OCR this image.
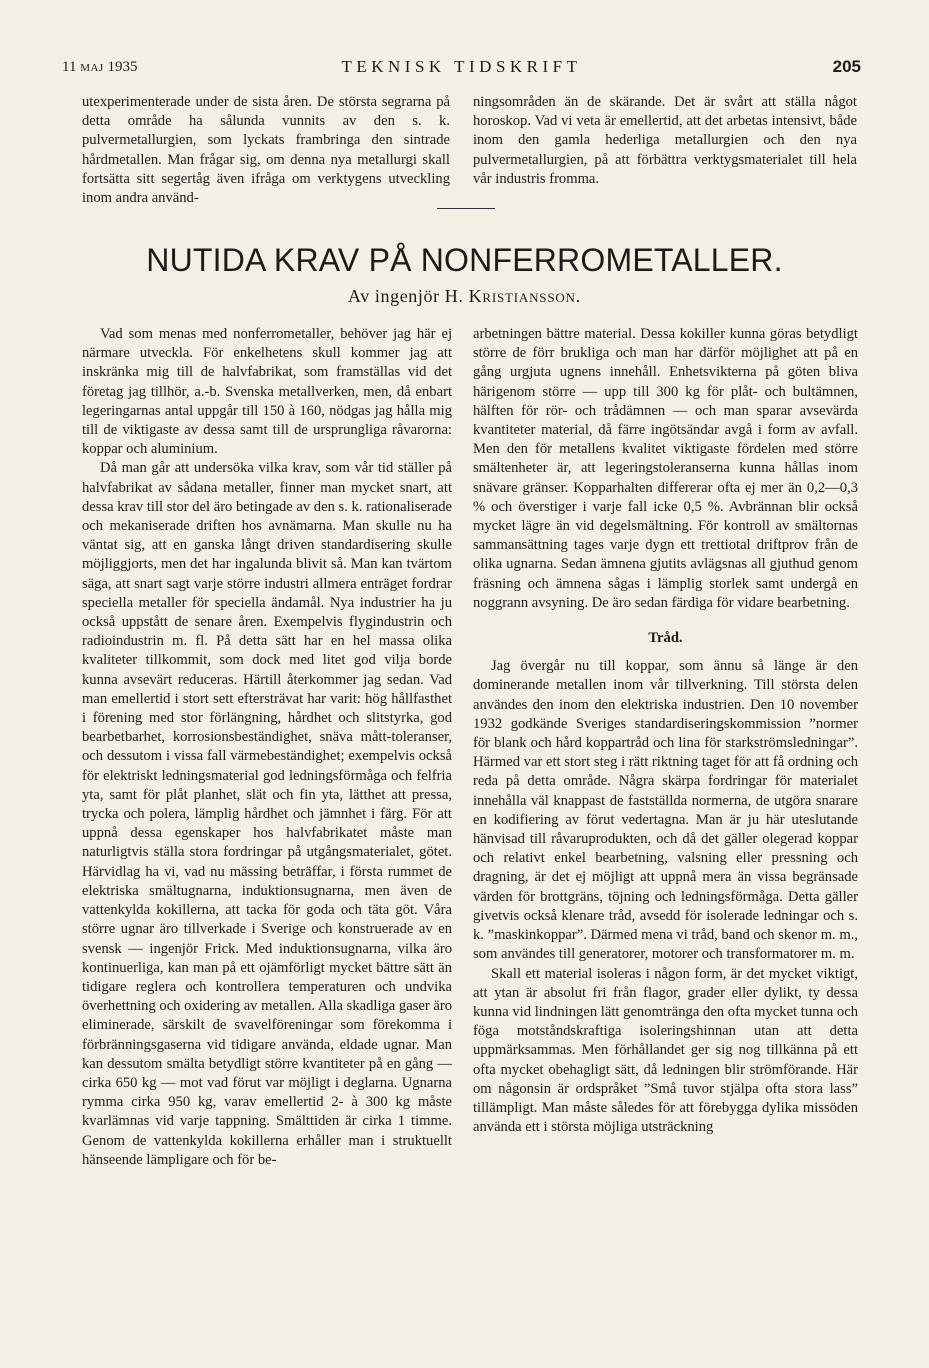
11 MAJ 1935	TEKNISK TIDSKRIFT	205

utexperimenterade under de sista åren. De största segrarna på detta område ha sålunda vunnits av den s. k. pulvermetallurgien, som lyckats frambringa den sintrade hårdmetallen. Man frågar sig, om denna nya metallurgi skall fortsätta sitt segertåg även ifråga om verktygens utveckling inom andra använd-

ningsområden än de skärande. Det är svårt att ställa något horoskop. Vad vi veta är emellertid, att det arbetas intensivt, både inom den gamla hederliga metallurgien och den nya pulvermetallurgien, på att förbättra verktygsmaterialet till hela vår industris fromma.

NUTIDA KRAV PÅ NONFERROMETALLER.
Av ingenjör H. Kristiansson.

Vad som menas med nonferrometaller, behöver jag här ej närmare utveckla. För enkelhetens skull kommer jag att inskränka mig till de halvfabrikat, som framställas vid det företag jag tillhör, a.-b. Svenska metallverken, men, då enbart legeringarnas antal uppgår till 150 à 160, nödgas jag hålla mig till de viktigaste av dessa samt till de ursprungliga råvarorna: koppar och aluminium.

Då man går att undersöka vilka krav, som vår tid ställer på halvfabrikat av sådana metaller, finner man mycket snart, att dessa krav till stor del äro betingade av den s. k. rationaliserade och mekaniserade driften hos avnämarna. Man skulle nu ha väntat sig, att en ganska långt driven standardisering skulle möjliggjorts, men det har ingalunda blivit så. Man kan tvärtom säga, att snart sagt varje större industri allmera enträget fordrar speciella metaller för speciella ändamål. Nya industrier ha ju också uppstått de senare åren. Exempelvis flygindustrin och radioindustrin m. fl. På detta sätt har en hel massa olika kvaliteter tillkommit, som dock med litet god vilja borde kunna avsevärt reduceras. Härtill återkommer jag sedan. Vad man emellertid i stort sett eftersträvat har varit: hög hållfasthet i förening med stor förlängning, hårdhet och slitstyrka, god bearbetbarhet, korrosionsbeständighet, snäva mått-toleranser, och dessutom i vissa fall värmebeständighet; exempelvis också för elektriskt ledningsmaterial god ledningsförmåga och felfria yta, samt för plåt planhet, slät och fin yta, lätthet att pressa, trycka och polera, lämplig hårdhet och jämnhet i färg. För att uppnå dessa egenskaper hos halvfabrikatet måste man naturligtvis ställa stora fordringar på utgångsmaterialet, götet. Härvidlag ha vi, vad nu mässing beträffar, i första rummet de elektriska smältugnarna, induktionsugnarna, men även de vattenkylda kokillerna, att tacka för goda och täta göt. Våra större ugnar äro tillverkade i Sverige och konstruerade av en svensk — ingenjör Frick. Med induktionsugnarna, vilka äro kontinuerliga, kan man på ett ojämförligt mycket bättre sätt än tidigare reglera och kontrollera temperaturen och undvika överhettning och oxidering av metallen. Alla skadliga gaser äro eliminerade, särskilt de svavelföreningar som förekomma i förbränningsgaserna vid tidigare använda, eldade ugnar. Man kan dessutom smälta betydligt större kvantiteter på en gång — cirka 650 kg — mot vad förut var möjligt i deglarna. Ugnarna rymma cirka 950 kg, varav emellertid 2- à 300 kg måste kvarlämnas vid varje tappning. Smälttiden är cirka 1 timme. Genom de vattenkylda kokillerna erhåller man i struktuellt hänseende lämpligare och för be-

arbetningen bättre material. Dessa kokiller kunna göras betydligt större de förr brukliga och man har därför möjlighet att på en gång urgjuta ugnens innehåll. Enhetsvikterna på göten bliva härigenom större — upp till 300 kg för plåt- och bultämnen, hälften för rör- och trådämnen — och man sparar avsevärda kvantiteter material, då färre ingötsändar avgå i form av avfall. Men den för metallens kvalitet viktigaste fördelen med större smältenheter är, att legeringstoleranserna kunna hållas inom snävare gränser. Kopparhalten differerar ofta ej mer än 0,2—0,3 % och överstiger i varje fall icke 0,5 %. Avbrännan blir också mycket lägre än vid degelsmältning. För kontroll av smältornas sammansättning tages varje dygn ett trettiotal driftprov från de olika ugnarna. Sedan ämnena gjutits avlägsnas all gjuthud genom fräsning och ämnena sågas i lämplig storlek samt undergå en noggrann avsyning. De äro sedan färdiga för vidare bearbetning.

Tråd.

Jag övergår nu till koppar, som ännu så länge är den dominerande metallen inom vår tillverkning. Till största delen användes den inom den elektriska industrien. Den 10 november 1932 godkände Sveriges standardiseringskommission ”normer för blank och hård koppartråd och lina för starkströmsledningar”. Härmed var ett stort steg i rätt riktning taget för att få ordning och reda på detta område. Några skärpa fordringar för materialet innehålla väl knappast de fastställda normerna, de utgöra snarare en kodifiering av förut vedertagna. Man är ju här uteslutande hänvisad till råvaruprodukten, och då det gäller olegerad koppar och relativt enkel bearbetning, valsning eller pressning och dragning, är det ej möjligt att uppnå mera än vissa begränsade värden för brottgräns, töjning och ledningsförmåga. Detta gäller givetvis också klenare tråd, avsedd för isolerade ledningar och s. k. ”maskinkoppar”. Därmed mena vi tråd, band och skenor m. m., som användes till generatorer, motorer och transformatorer m. m.

Skall ett material isoleras i någon form, är det mycket viktigt, att ytan är absolut fri från flagor, grader eller dylikt, ty dessa kunna vid lindningen lätt genomtränga den ofta mycket tunna och föga motståndskraftiga isoleringshinnan utan att detta uppmärksammas. Men förhållandet ger sig nog tillkänna på ett ofta mycket obehagligt sätt, då ledningen blir strömförande. Här om någonsin är ordspråket ”Små tuvor stjälpa ofta stora lass” tillämpligt. Man måste således för att förebygga dylika missöden använda ett i största möjliga utsträckning
